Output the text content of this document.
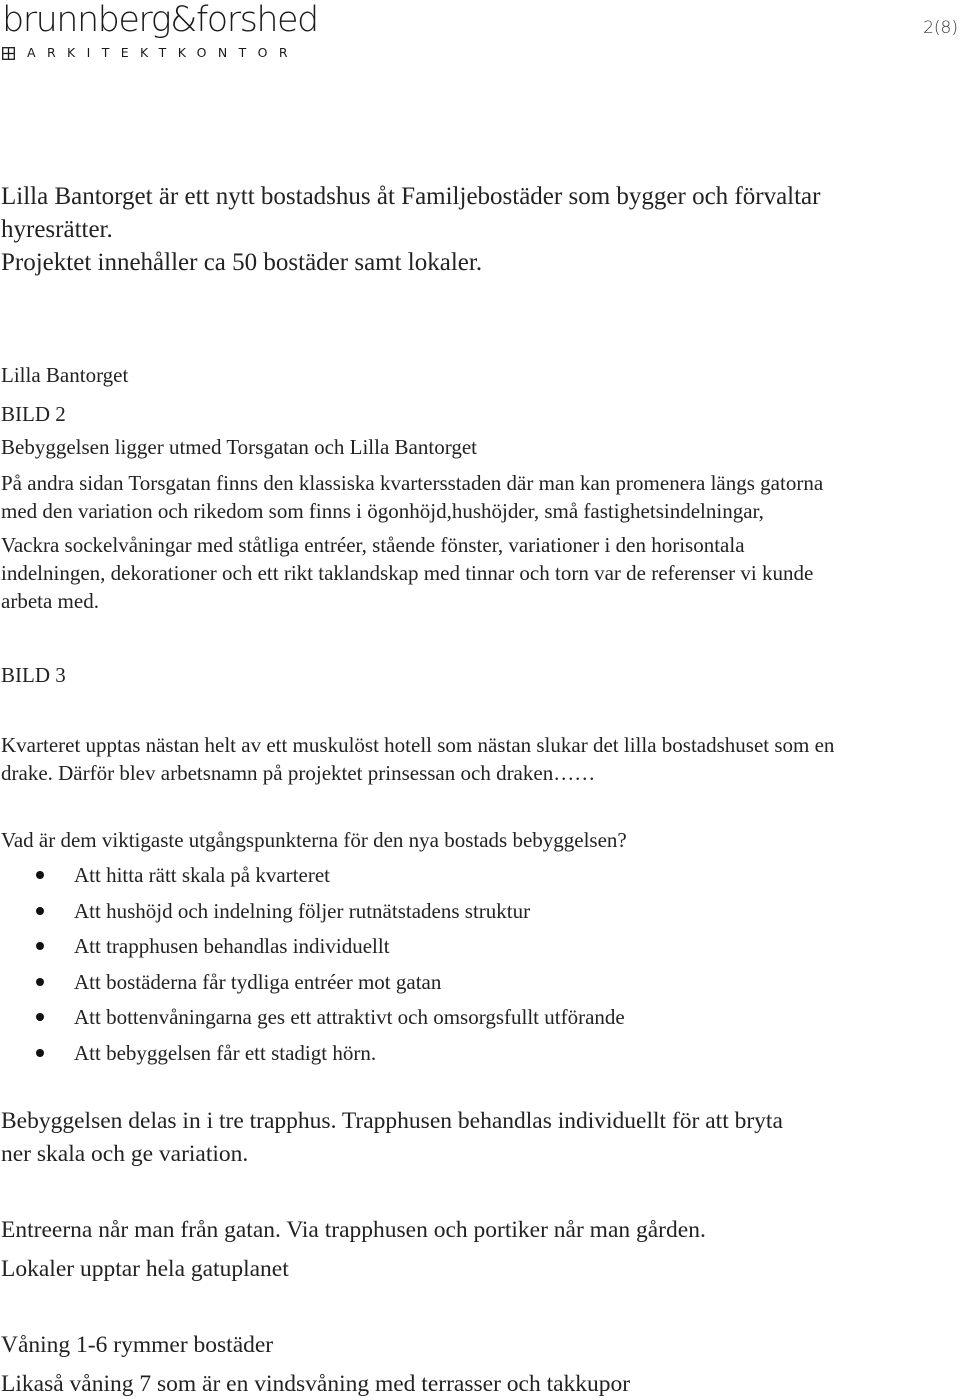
brunnberg&forshed
ARKITEKTKONTOR
2(8)
Lilla Bantorget är ett nytt bostadshus åt Familjebostäder som bygger och förvaltar
hyresrätter.
Projektet innehåller ca 50 bostäder samt lokaler.
Lilla Bantorget
BILD 2
Bebyggelsen ligger utmed Torsgatan och Lilla Bantorget
På andra sidan Torsgatan finns den klassiska kvartersstaden där man kan promenera längs gatorna
med den variation och rikedom som finns i ögonhöjd,hushöjder, små fastighetsindelningar,
Vackra sockelvåningar med ståtliga entréer, stående fönster, variationer i den horisontala
indelningen, dekorationer och ett rikt taklandskap med tinnar och torn var de referenser vi kunde
arbeta med.
BILD 3
Kvarteret upptas nästan helt av ett muskulöst hotell som nästan slukar det lilla bostadshuset som en
drake. Därför blev arbetsnamn på projektet prinsessan och draken……
Vad är dem viktigaste utgångspunkterna för den nya bostads bebyggelsen?
Att hitta rätt skala på kvarteret
Att hushöjd och indelning följer rutnätstadens struktur
Att trapphusen behandlas individuellt
Att bostäderna får tydliga entréer mot gatan
Att bottenvåningarna ges ett attraktivt och omsorgsfullt utförande
Att bebyggelsen får ett stadigt hörn.
Bebyggelsen delas in i tre trapphus. Trapphusen behandlas individuellt för att bryta
ner skala och ge variation.
Entreerna når man från gatan. Via trapphusen och portiker når man gården.
Lokaler upptar hela gatuplanet
Våning 1-6 rymmer bostäder
Likaså våning 7 som är en vindsvåning med terrasser och takkupor
